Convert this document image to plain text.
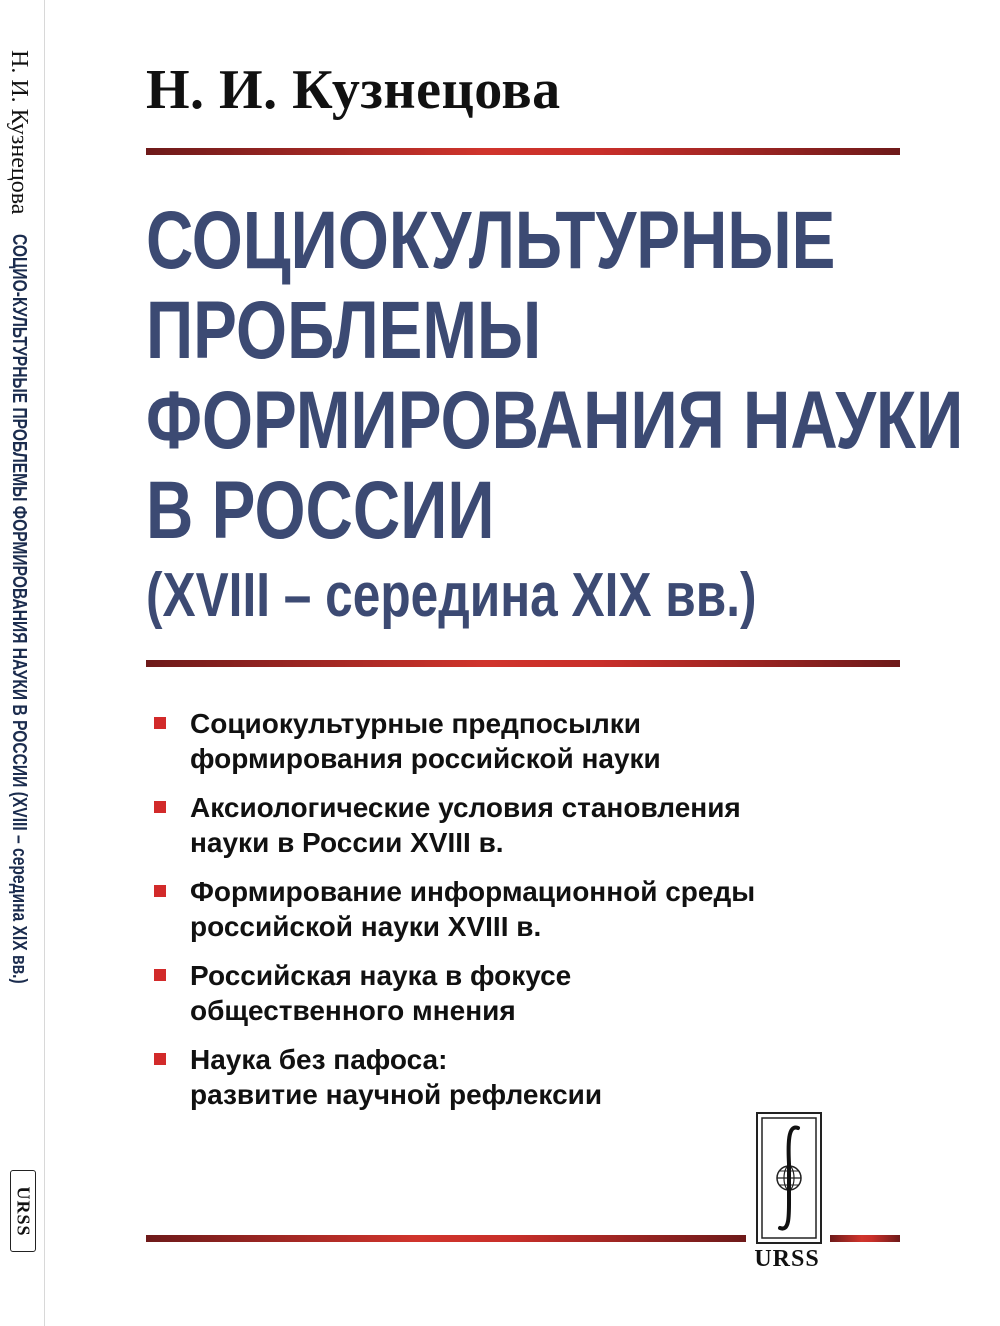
Н. И. Кузнецова
СОЦИО-КУЛЬТУРНЫЕ ПРОБЛЕМЫ ФОРМИРОВАНИЯ НАУКИ В РОССИИ (XVIII – середина XIX вв.)
URSS
Н. И. Кузнецова
СОЦИОКУЛЬТУРНЫЕ
ПРОБЛЕМЫ
ФОРМИРОВАНИЯ НАУКИ
В РОССИИ
(XVIII – середина XIX вв.)
Социокультурные предпосылки
формирования российской науки
Аксиологические условия становления
науки в России XVIII в.
Формирование информационной среды
российской науки XVIII в.
Российская наука в фокусе
общественного мнения
Наука без пафоса:
развитие научной рефлексии
URSS
